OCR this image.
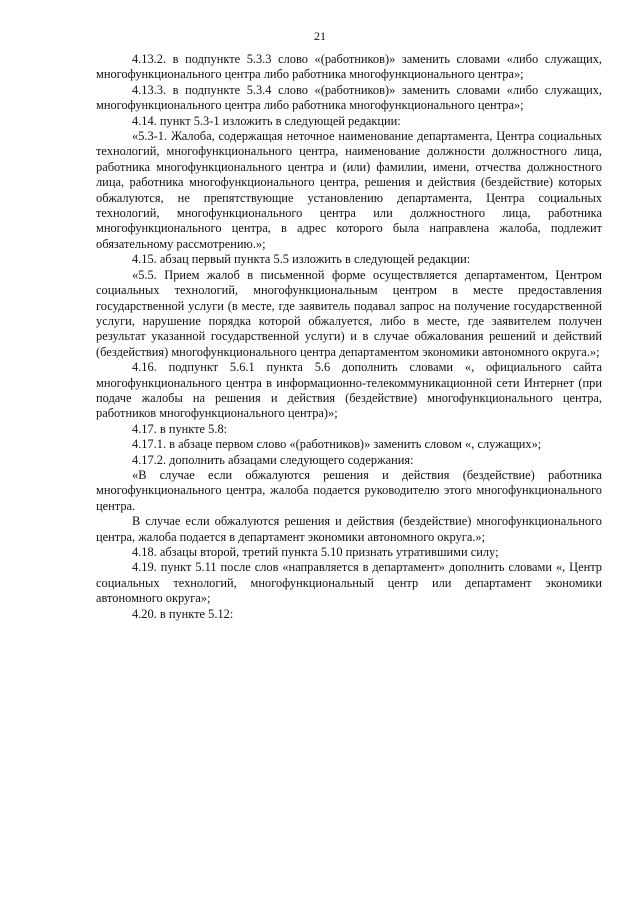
21

4.13.2. в подпункте 5.3.3 слово «(работников)» заменить словами «либо служащих, многофункционального центра либо работника многофункционального центра»;

4.13.3. в подпункте 5.3.4 слово «(работников)» заменить словами «либо служащих, многофункционального центра либо работника многофункционального центра»;

4.14. пункт 5.3-1 изложить в следующей редакции:

«5.3-1. Жалоба, содержащая неточное наименование департамента, Центра социальных технологий, многофункционального центра, наименование должности должностного лица, работника многофункционального центра и (или) фамилии, имени, отчества должностного лица, работника многофункционального центра, решения и действия (бездействие) которых обжалуются, не препятствующие установлению департамента, Центра социальных технологий, многофункционального центра или должностного лица, работника многофункционального центра, в адрес которого была направлена жалоба, подлежит обязательному рассмотрению.»;

4.15. абзац первый пункта 5.5 изложить в следующей редакции:

«5.5. Прием жалоб в письменной форме осуществляется департаментом, Центром социальных технологий, многофункциональным центром в месте предоставления государственной услуги (в месте, где заявитель подавал запрос на получение государственной услуги, нарушение порядка которой обжалуется, либо в месте, где заявителем получен результат указанной государственной услуги) и в случае обжалования решений и действий (бездействия) многофункционального центра департаментом экономики автономного округа.»;

4.16. подпункт 5.6.1 пункта 5.6 дополнить словами «, официального сайта многофункционального центра в информационно-телекоммуникационной сети Интернет (при подаче жалобы на решения и действия (бездействие) многофункционального центра, работников многофункционального центра)»;

4.17. в пункте 5.8:

4.17.1. в абзаце первом слово «(работников)» заменить словом «, служащих»;

4.17.2. дополнить абзацами следующего содержания:

«В случае если обжалуются решения и действия (бездействие) работника многофункционального центра, жалоба подается руководителю этого многофункционального центра.

В случае если обжалуются решения и действия (бездействие) многофункционального центра, жалоба подается в департамент экономики автономного округа.»;

4.18. абзацы второй, третий пункта 5.10 признать утратившими силу;

4.19. пункт 5.11 после слов «направляется в департамент» дополнить словами «, Центр социальных технологий, многофункциональный центр или департамент экономики автономного округа»;

4.20. в пункте 5.12:
